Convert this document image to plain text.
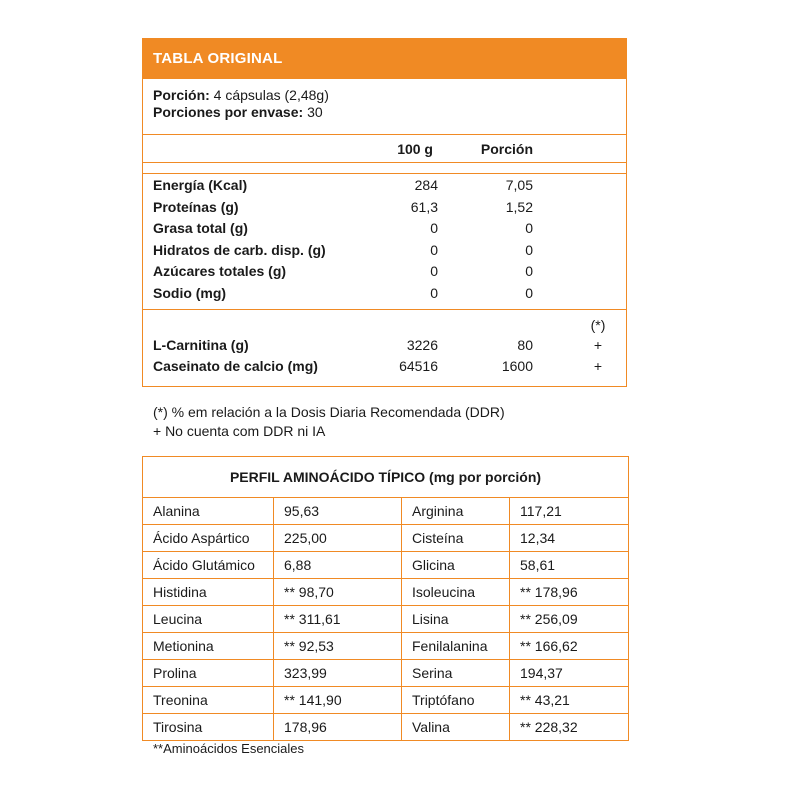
TABLA ORIGINAL
Porción: 4 cápsulas (2,48g)
Porciones por envase: 30
100 g	Porción
Energía (Kcal)	284	7,05
Proteínas (g)	61,3	1,52
Grasa total (g)	0	0
Hidratos de carb. disp. (g)	0	0
Azúcares totales (g)	0	0
Sodio (mg)	0	0
(*)
L-Carnitina (g)	3226	80	+
Caseinato de calcio (mg)	64516	1600	+
(*) % em relación a la Dosis Diaria Recomendada (DDR)
+ No cuenta com DDR ni IA
PERFIL AMINOÁCIDO TÍPICO (mg por porción)			
Alanina	95,63	Arginina	117,21
Ácido Aspártico	225,00	Cisteína	12,34
Ácido Glutámico	6,88	Glicina	58,61
Histidina	** 98,70	Isoleucina	** 178,96
Leucina	** 311,61	Lisina	** 256,09
Metionina	** 92,53	Fenilalanina	** 166,62
Prolina	323,99	Serina	194,37
Treonina	** 141,90	Triptófano	** 43,21
Tirosina	178,96	Valina	** 228,32
**Aminoácidos Esenciales
